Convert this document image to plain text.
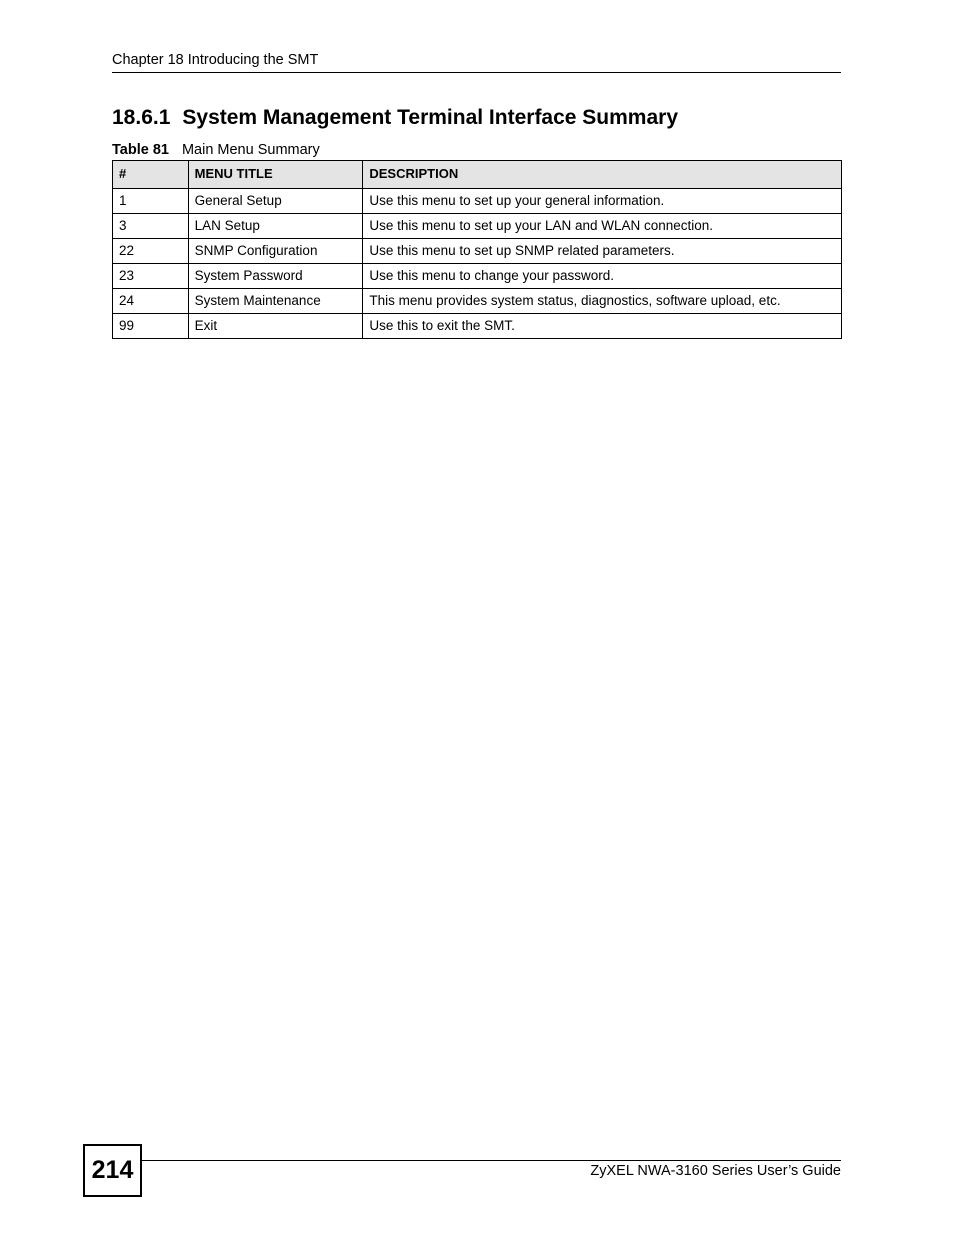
Chapter 18 Introducing the SMT
18.6.1 System Management Terminal Interface Summary
Table 81 Main Menu Summary
#	MENU TITLE	DESCRIPTION
1	General Setup	Use this menu to set up your general information.
3	LAN Setup	Use this menu to set up your LAN and WLAN connection.
22	SNMP Configuration	Use this menu to set up SNMP related parameters.
23	System Password	Use this menu to change your password.
24	System Maintenance	This menu provides system status, diagnostics, software upload, etc.
99	Exit	Use this to exit the SMT.
214	ZyXEL NWA-3160 Series User’s Guide
